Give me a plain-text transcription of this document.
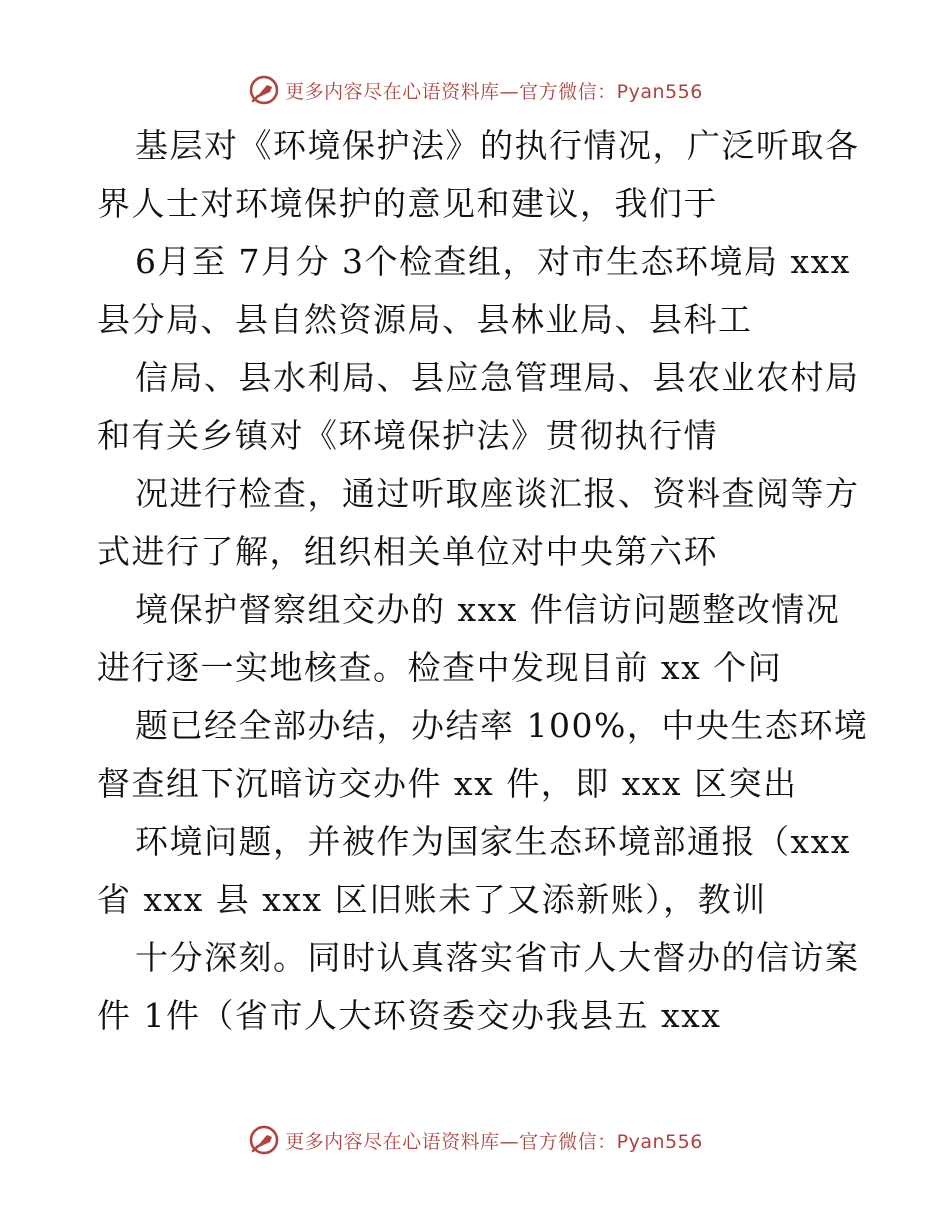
更多内容尽在心语资料库—官方微信：Pyan556
基层对《环境保护法》的执行情况，广泛听取各
界人士对环境保护的意见和建议，我们于
6月至 7月分 3个检查组，对市生态环境局 xxx
县分局、县自然资源局、县林业局、县科工
信局、县水利局、县应急管理局、县农业农村局
和有关乡镇对《环境保护法》贯彻执行情
况进行检查，通过听取座谈汇报、资料查阅等方
式进行了解，组织相关单位对中央第六环
境保护督察组交办的 xxx 件信访问题整改情况
进行逐一实地核查。检查中发现目前 xx 个问
题已经全部办结，办结率 100%，中央生态环境
督查组下沉暗访交办件 xx 件，即 xxx 区突出
环境问题，并被作为国家生态环境部通报（xxx
省 xxx 县 xxx 区旧账未了又添新账），教训
十分深刻。同时认真落实省市人大督办的信访案
件 1件（省市人大环资委交办我县五 xxx
更多内容尽在心语资料库—官方微信：Pyan556
